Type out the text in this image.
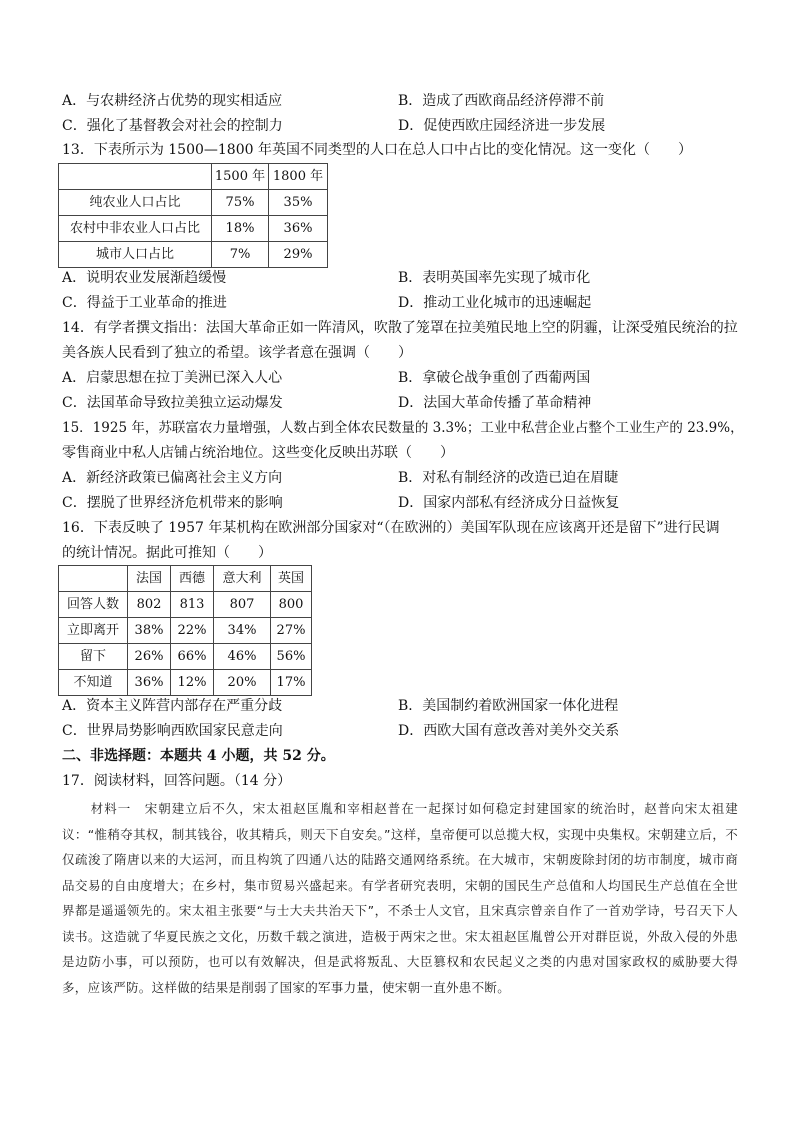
A．与农耕经济占优势的现实相适应	B．造成了西欧商品经济停滞不前
C．强化了基督教会对社会的控制力	D．促使西欧庄园经济进一步发展
13．下表所示为 1500—1800 年英国不同类型的人口在总人口中占比的变化情况。这一变化（　　）
	1500 年	1800 年
纯农业人口占比	75%	35%
农村中非农业人口占比	18%	36%
城市人口占比	7%	29%
A．说明农业发展渐趋缓慢	B．表明英国率先实现了城市化
C．得益于工业革命的推进	D．推动工业化城市的迅速崛起
14．有学者撰文指出：法国大革命正如一阵清风，吹散了笼罩在拉美殖民地上空的阴霾，让深受殖民统治的拉
美各族人民看到了独立的希望。该学者意在强调（　　）
A．启蒙思想在拉丁美洲已深入人心	B．拿破仑战争重创了西葡两国
C．法国革命导致拉美独立运动爆发	D．法国大革命传播了革命精神
15．1925 年，苏联富农力量增强，人数占到全体农民数量的 3.3%；工业中私营企业占整个工业生产的 23.9%，
零售商业中私人店铺占统治地位。这些变化反映出苏联（　　）
A．新经济政策已偏离社会主义方向	B．对私有制经济的改造已迫在眉睫
C．摆脱了世界经济危机带来的影响	D．国家内部私有经济成分日益恢复
16．下表反映了 1957 年某机构在欧洲部分国家对“（在欧洲的）美国军队现在应该离开还是留下”进行民调
的统计情况。据此可推知（　　）
	法国	西德	意大利	英国
回答人数	802	813	807	800
立即离开	38%	22%	34%	27%
留下	26%	66%	46%	56%
不知道	36%	12%	20%	17%
A．资本主义阵营内部存在严重分歧	B．美国制约着欧洲国家一体化进程
C．世界局势影响西欧国家民意走向	D．西欧大国有意改善对美外交关系
二、非选择题：本题共 4 小题，共 52 分。
17．阅读材料，回答问题。（14 分）
材料一　宋朝建立后不久，宋太祖赵匡胤和宰相赵普在一起探讨如何稳定封建国家的统治时，赵普向宋太祖建议：“惟稍夺其权，制其钱谷，收其精兵，则天下自安矣。”这样，皇帝便可以总揽大权，实现中央集权。宋朝建立后，不仅疏浚了隋唐以来的大运河，而且构筑了四通八达的陆路交通网络系统。在大城市，宋朝废除封闭的坊市制度，城市商品交易的自由度增大；在乡村，集市贸易兴盛起来。有学者研究表明，宋朝的国民生产总值和人均国民生产总值在全世界都是遥遥领先的。宋太祖主张要“与士大夫共治天下”，不杀士人文官，且宋真宗曾亲自作了一首劝学诗，号召天下人读书。这造就了华夏民族之文化，历数千载之演进，造极于两宋之世。宋太祖赵匡胤曾公开对群臣说，外敌入侵的外患是边防小事，可以预防，也可以有效解决，但是武将叛乱、大臣篡权和农民起义之类的内患对国家政权的威胁要大得多，应该严防。这样做的结果是削弱了国家的军事力量，使宋朝一直外患不断。
